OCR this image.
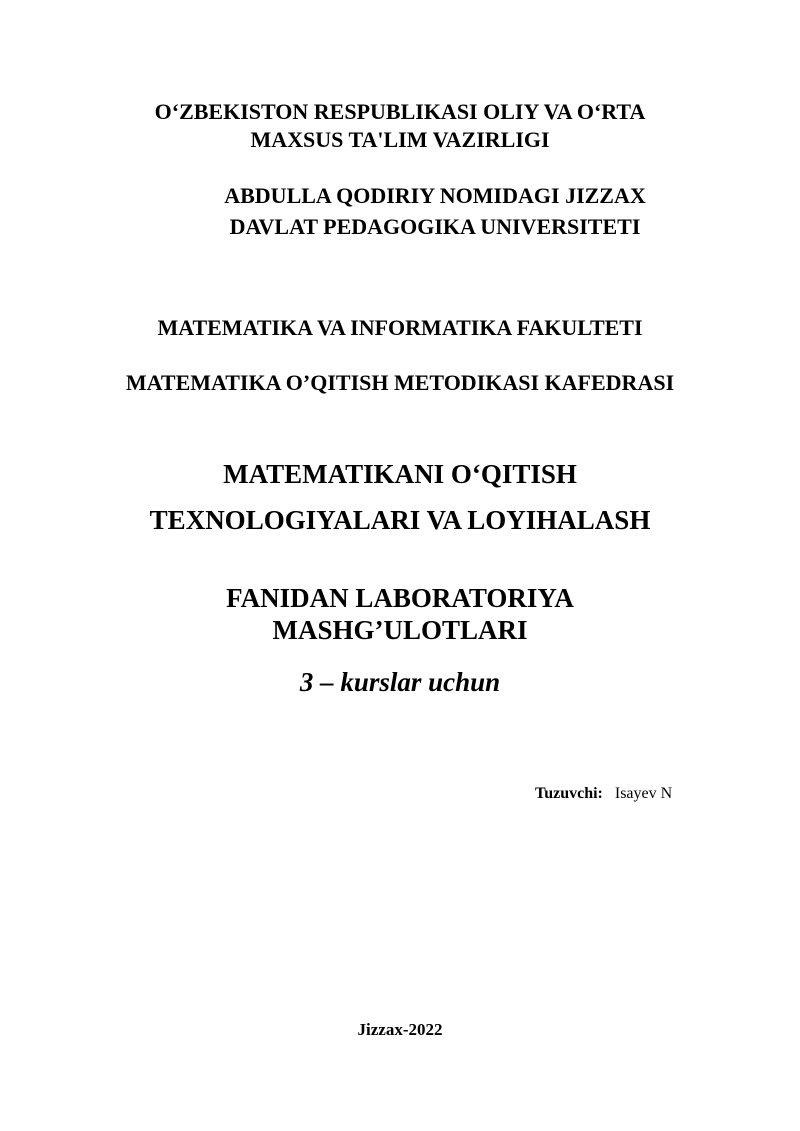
O‘ZBEKISTON RESPUBLIKASI OLIY VA O‘RTA
MAXSUS TA'LIM VAZIRLIGI
ABDULLA QODIRIY NOMIDAGI JIZZAX
DAVLAT PEDAGOGIKA UNIVERSITETI
MATEMATIKA VA INFORMATIKA FAKULTETI
MATEMATIKA O’QITISH METODIKASI KAFEDRASI
MATEMATIKANI O‘QITISH
TEXNOLOGIYALARI VA LOYIHALASH
FANIDAN LABORATORIYA
MASHG’ULOTLARI
3 – kurslar uchun
Tuzuvchi: Isayev N
Jizzax-2022
